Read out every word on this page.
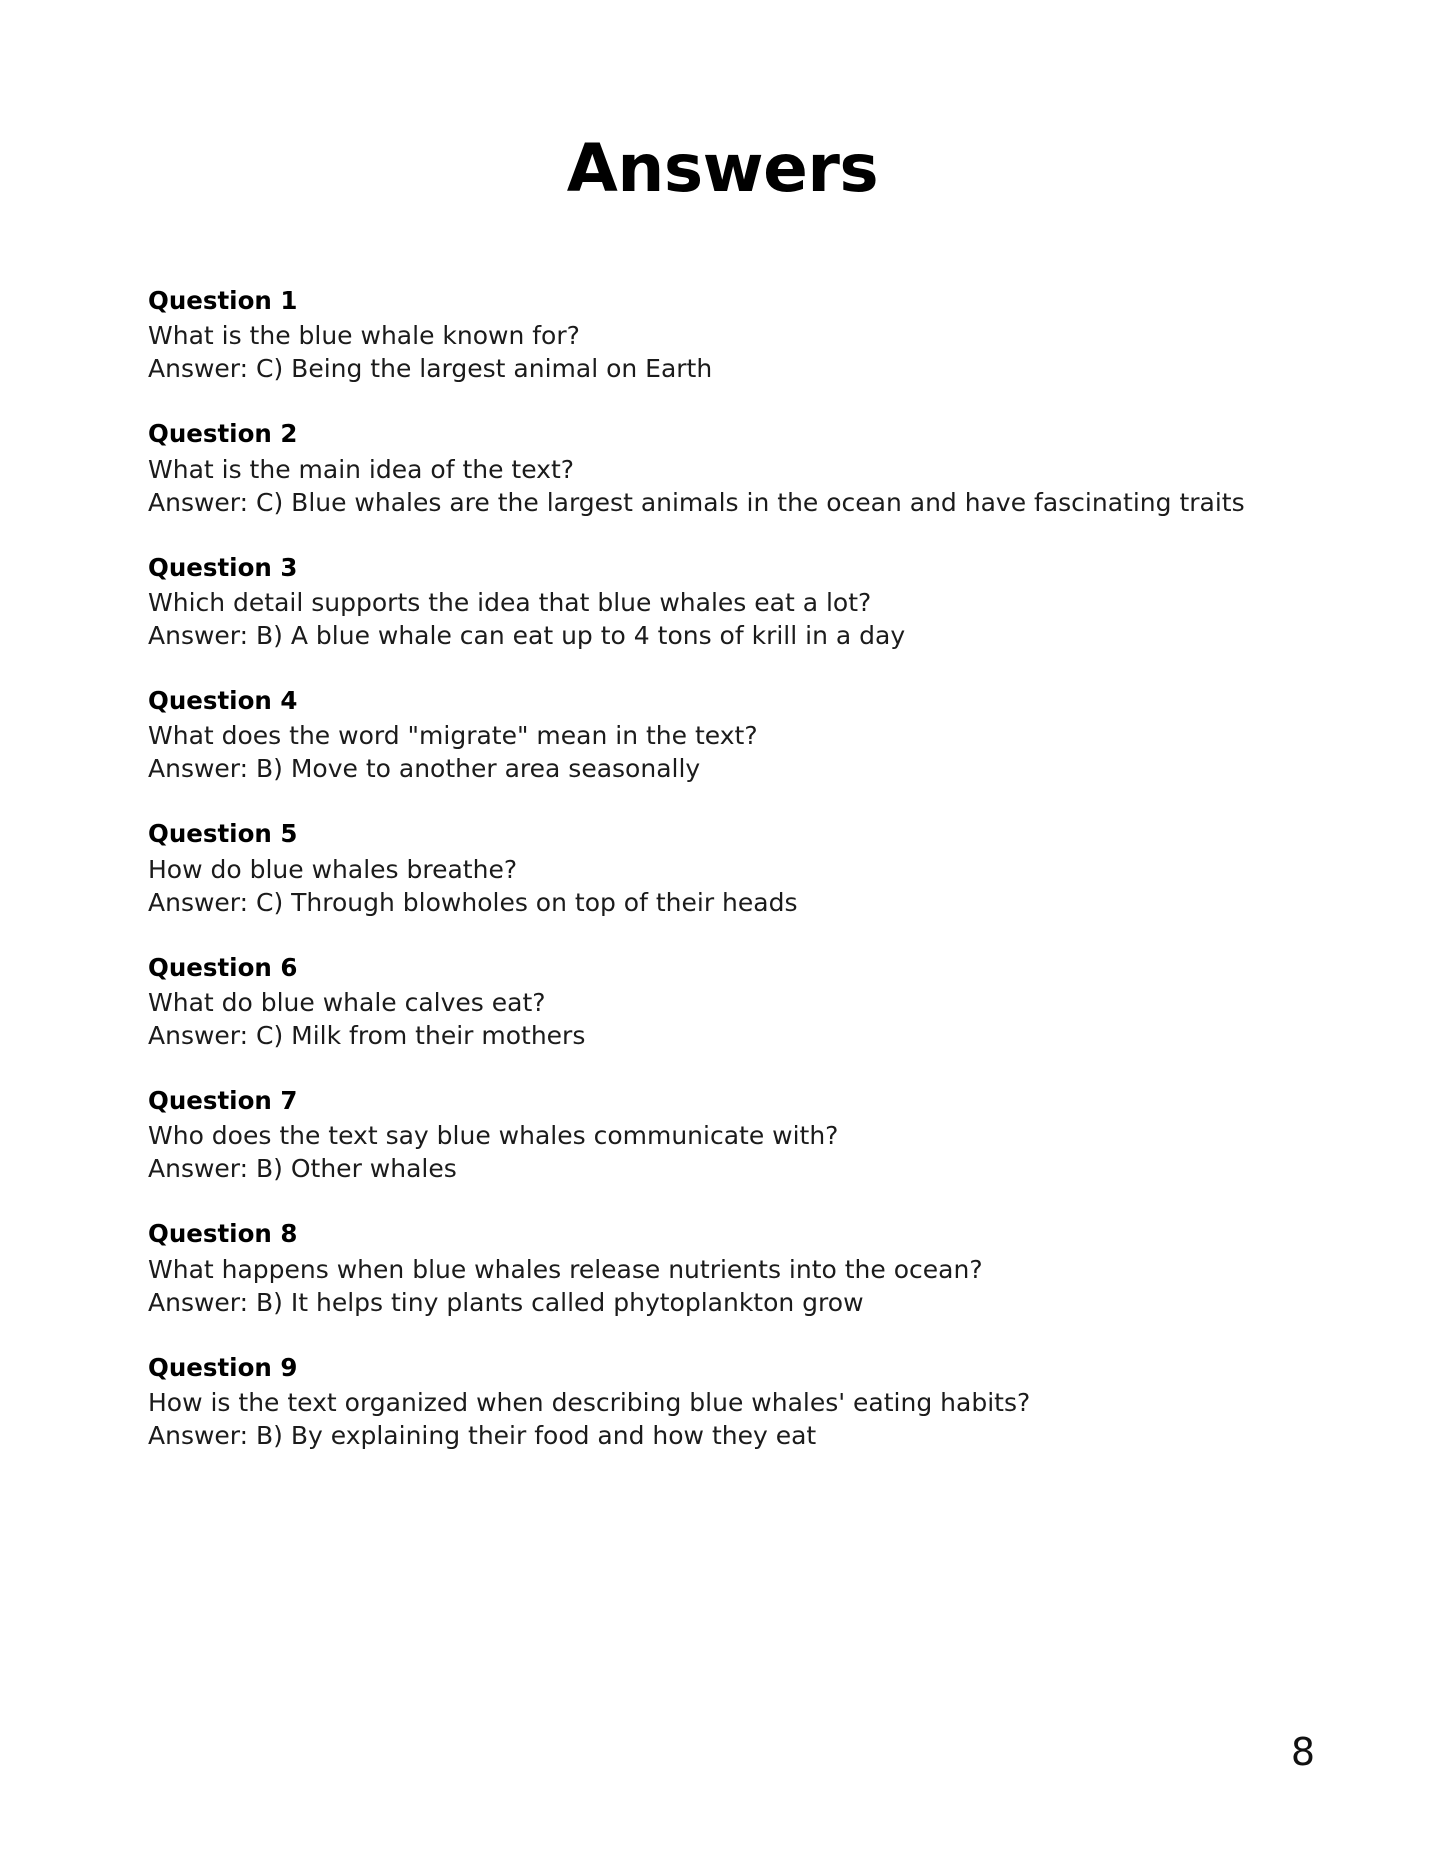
Answers
Question 1
What is the blue whale known for?
Answer: C) Being the largest animal on Earth
Question 2
What is the main idea of the text?
Answer: C) Blue whales are the largest animals in the ocean and have fascinating traits
Question 3
Which detail supports the idea that blue whales eat a lot?
Answer: B) A blue whale can eat up to 4 tons of krill in a day
Question 4
What does the word "migrate" mean in the text?
Answer: B) Move to another area seasonally
Question 5
How do blue whales breathe?
Answer: C) Through blowholes on top of their heads
Question 6
What do blue whale calves eat?
Answer: C) Milk from their mothers
Question 7
Who does the text say blue whales communicate with?
Answer: B) Other whales
Question 8
What happens when blue whales release nutrients into the ocean?
Answer: B) It helps tiny plants called phytoplankton grow
Question 9
How is the text organized when describing blue whales' eating habits?
Answer: B) By explaining their food and how they eat
8
